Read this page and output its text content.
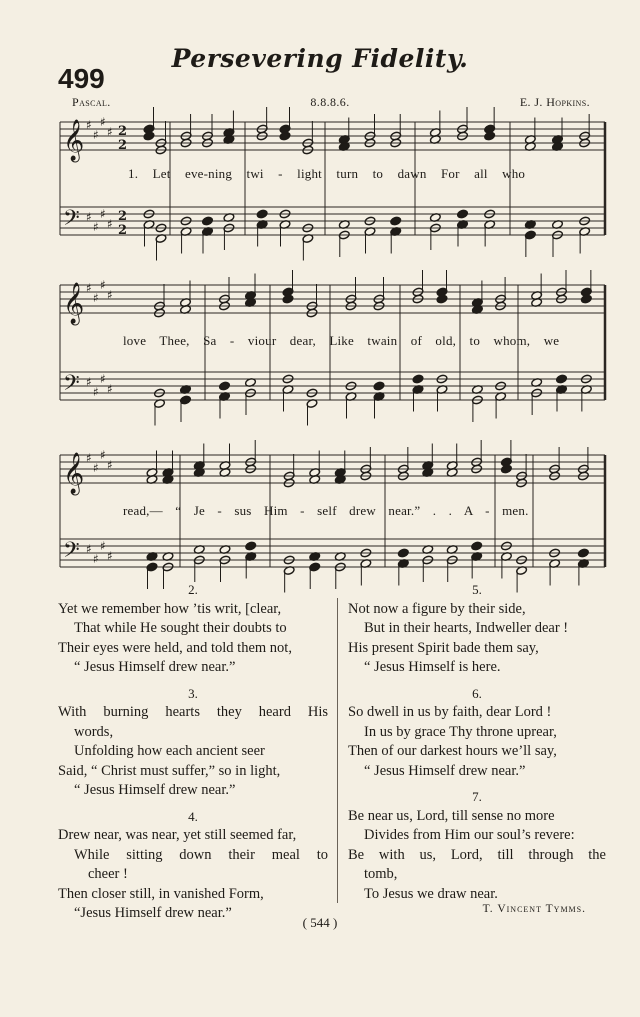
Persevering Fidelity.
499
Pascal.	8.8.8.6.	E. J. Hopkins.
𝄞 ♯
♯
♯
♯ 2
2
𝄢 ♯
♯
♯
♯ 2
2
𝄞 ♯
♯
♯
♯
𝄢 ♯
♯
♯
♯
𝄞 ♯
♯
♯
♯
𝄢 ♯
♯
♯
♯
1. Let eve-ning twi - light turn to dawn For all who
love Thee, Sa - viour dear, Like twain of old, to whom, we
read,— “ Je - sus Him - self drew near.” . . A - men.
2.
Yet we remember how ’tis writ, [clear,
That while He sought their doubts to
Their eyes were held, and told them not,
“ Jesus Himself drew near.”
3.
With burning hearts they heard His
words,
Unfolding how each ancient seer
Said, “ Christ must suffer,” so in light,
“ Jesus Himself drew near.”
4.
Drew near, was near, yet still seemed far,
While sitting down their meal to
cheer !
Then closer still, in vanished Form,
“Jesus Himself drew near.”
5.
Not now a figure by their side,
But in their hearts, Indweller dear !
His present Spirit bade them say,
“ Jesus Himself is here.
6.
So dwell in us by faith, dear Lord !
In us by grace Thy throne uprear,
Then of our darkest hours we’ll say,
“ Jesus Himself drew near.”
7.
Be near us, Lord, till sense no more
Divides from Him our soul’s revere:
Be with us, Lord, till through the
tomb,
To Jesus we draw near.
T. Vincent Tymms.
( 544 )
